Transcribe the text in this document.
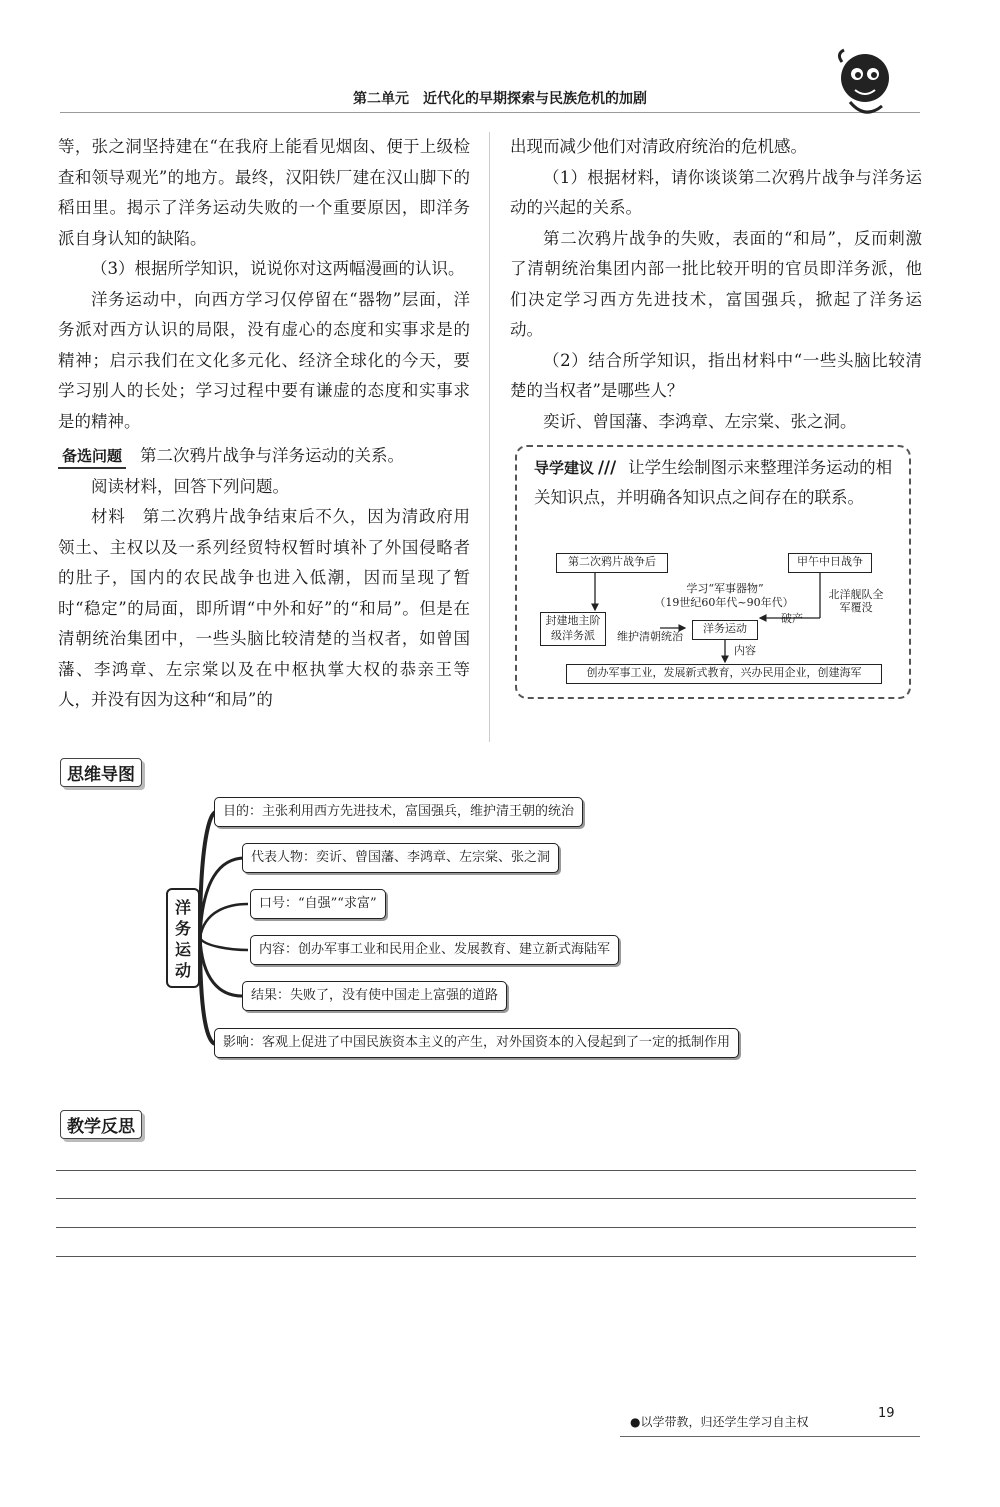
第二单元　近代化的早期探索与民族危机的加剧

等，张之洞坚持建在“在我府上能看见烟囱、便于上级检查和领导观光”的地方。最终，汉阳铁厂建在汉山脚下的稻田里。揭示了洋务运动失败的一个重要原因，即洋务派自身认知的缺陷。

（3）根据所学知识，说说你对这两幅漫画的认识。

洋务运动中，向西方学习仅停留在“器物”层面，洋务派对西方认识的局限，没有虚心的态度和实事求是的精神；启示我们在文化多元化、经济全球化的今天，要学习别人的长处；学习过程中要有谦虚的态度和实事求是的精神。

备选问题 第二次鸦片战争与洋务运动的关系。

阅读材料，回答下列问题。

材料　第二次鸦片战争结束后不久，因为清政府用领土、主权以及一系列经贸特权暂时填补了外国侵略者的肚子，国内的农民战争也进入低潮，因而呈现了暂时“稳定”的局面，即所谓“中外和好”的“和局”。但是在清朝统治集团中，一些头脑比较清楚的当权者，如曾国藩、李鸿章、左宗棠以及在中枢执掌大权的恭亲王等人，并没有因为这种“和局”的

出现而减少他们对清政府统治的危机感。

（1）根据材料，请你谈谈第二次鸦片战争与洋务运动的兴起的关系。

第二次鸦片战争的失败，表面的“和局”，反而刺激了清朝统治集团内部一批比较开明的官员即洋务派，他们决定学习西方先进技术，富国强兵，掀起了洋务运动。

（2）结合所学知识，指出材料中“一些头脑比较清楚的当权者”是哪些人？

奕䜣、曾国藩、李鸿章、左宗棠、张之洞。

导学建议 /// 让学生绘制图示来整理洋务运动的相关知识点，并明确各知识点之间存在的联系。
第二次鸦片战争后	甲午中日战争
学习“军事器物”
（19世纪60年代~90年代）
北洋舰队全军覆没
封建地主阶级洋务派	维护清朝统治
洋务运动
破产
内容
创办军事工业，发展新式教育，兴办民用企业，创建海军
思维导图
洋
务
运
动
目的：主张利用西方先进技术，富国强兵，维护清王朝的统治
代表人物：奕䜣、曾国藩、李鸿章、左宗棠、张之洞
口号：“自强”“求富”
内容：创办军事工业和民用企业、发展教育、建立新式海陆军
结果：失败了，没有使中国走上富强的道路
影响：客观上促进了中国民族资本主义的产生，对外国资本的入侵起到了一定的抵制作用
教学反思
●以学带教，归还学生学习自主权
19
